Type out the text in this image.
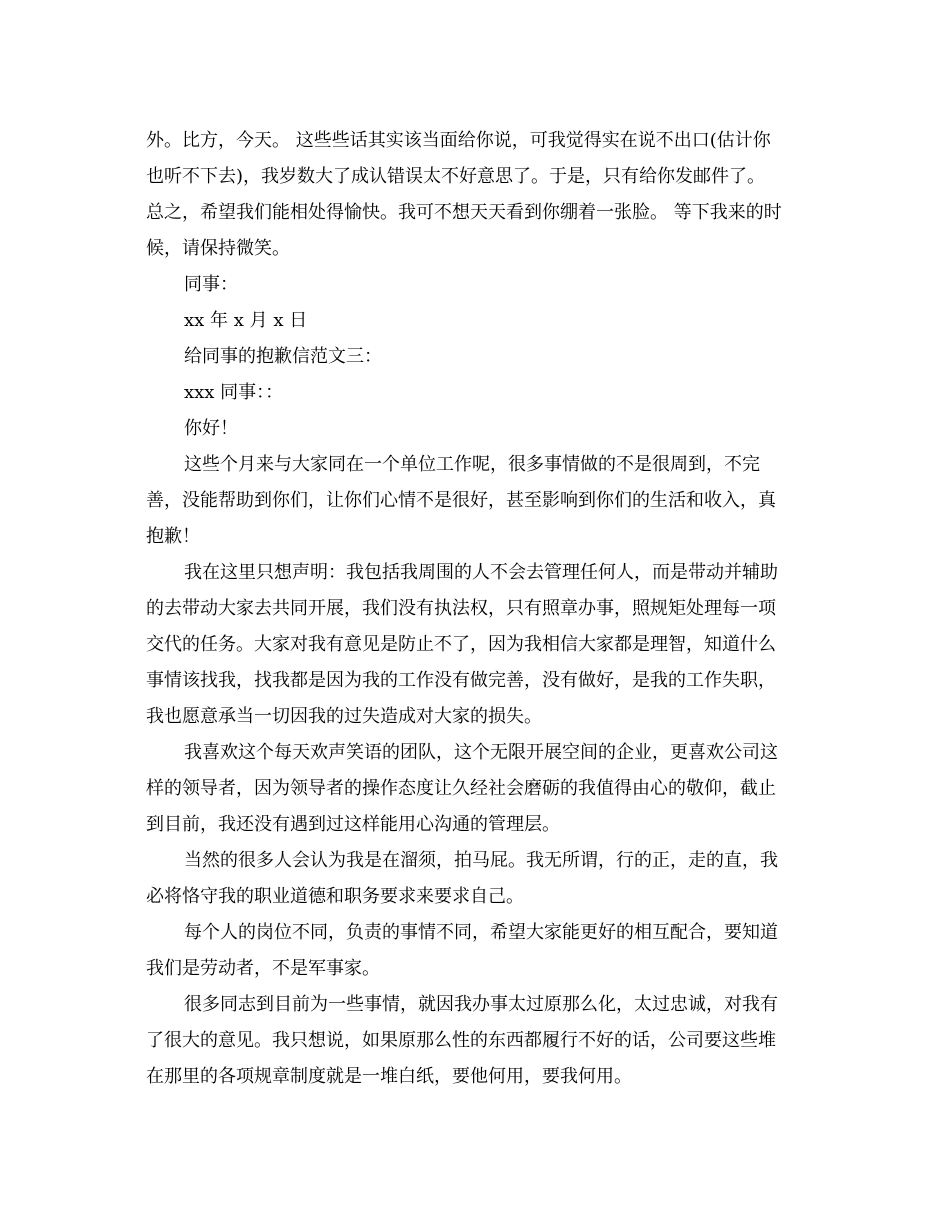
外。比方，今天。 这些些话其实该当面给你说，可我觉得实在说不出口(估计你
也听不下去)，我岁数大了成认错误太不好意思了。于是，只有给你发邮件了。
总之，希望我们能相处得愉快。我可不想天天看到你绷着一张脸。 等下我来的时
候，请保持微笑。
同事：
xx 年 x 月 x 日
给同事的抱歉信范文三：
xxx 同事：：
你好！
这些个月来与大家同在一个单位工作呢，很多事情做的不是很周到，不完
善，没能帮助到你们，让你们心情不是很好，甚至影响到你们的生活和收入，真
抱歉！
我在这里只想声明：我包括我周围的人不会去管理任何人，而是带动并辅助
的去带动大家去共同开展，我们没有执法权，只有照章办事，照规矩处理每一项
交代的任务。大家对我有意见是防止不了，因为我相信大家都是理智，知道什么
事情该找我，找我都是因为我的工作没有做完善，没有做好，是我的工作失职，
我也愿意承当一切因我的过失造成对大家的损失。
我喜欢这个每天欢声笑语的团队，这个无限开展空间的企业，更喜欢公司这
样的领导者，因为领导者的操作态度让久经社会磨砺的我值得由心的敬仰，截止
到目前，我还没有遇到过这样能用心沟通的管理层。
当然的很多人会认为我是在溜须，拍马屁。我无所谓，行的正，走的直，我
必将恪守我的职业道德和职务要求来要求自己。
每个人的岗位不同，负责的事情不同，希望大家能更好的相互配合，要知道
我们是劳动者，不是军事家。
很多同志到目前为一些事情，就因我办事太过原那么化，太过忠诚，对我有
了很大的意见。我只想说，如果原那么性的东西都履行不好的话，公司要这些堆
在那里的各项规章制度就是一堆白纸，要他何用，要我何用。
